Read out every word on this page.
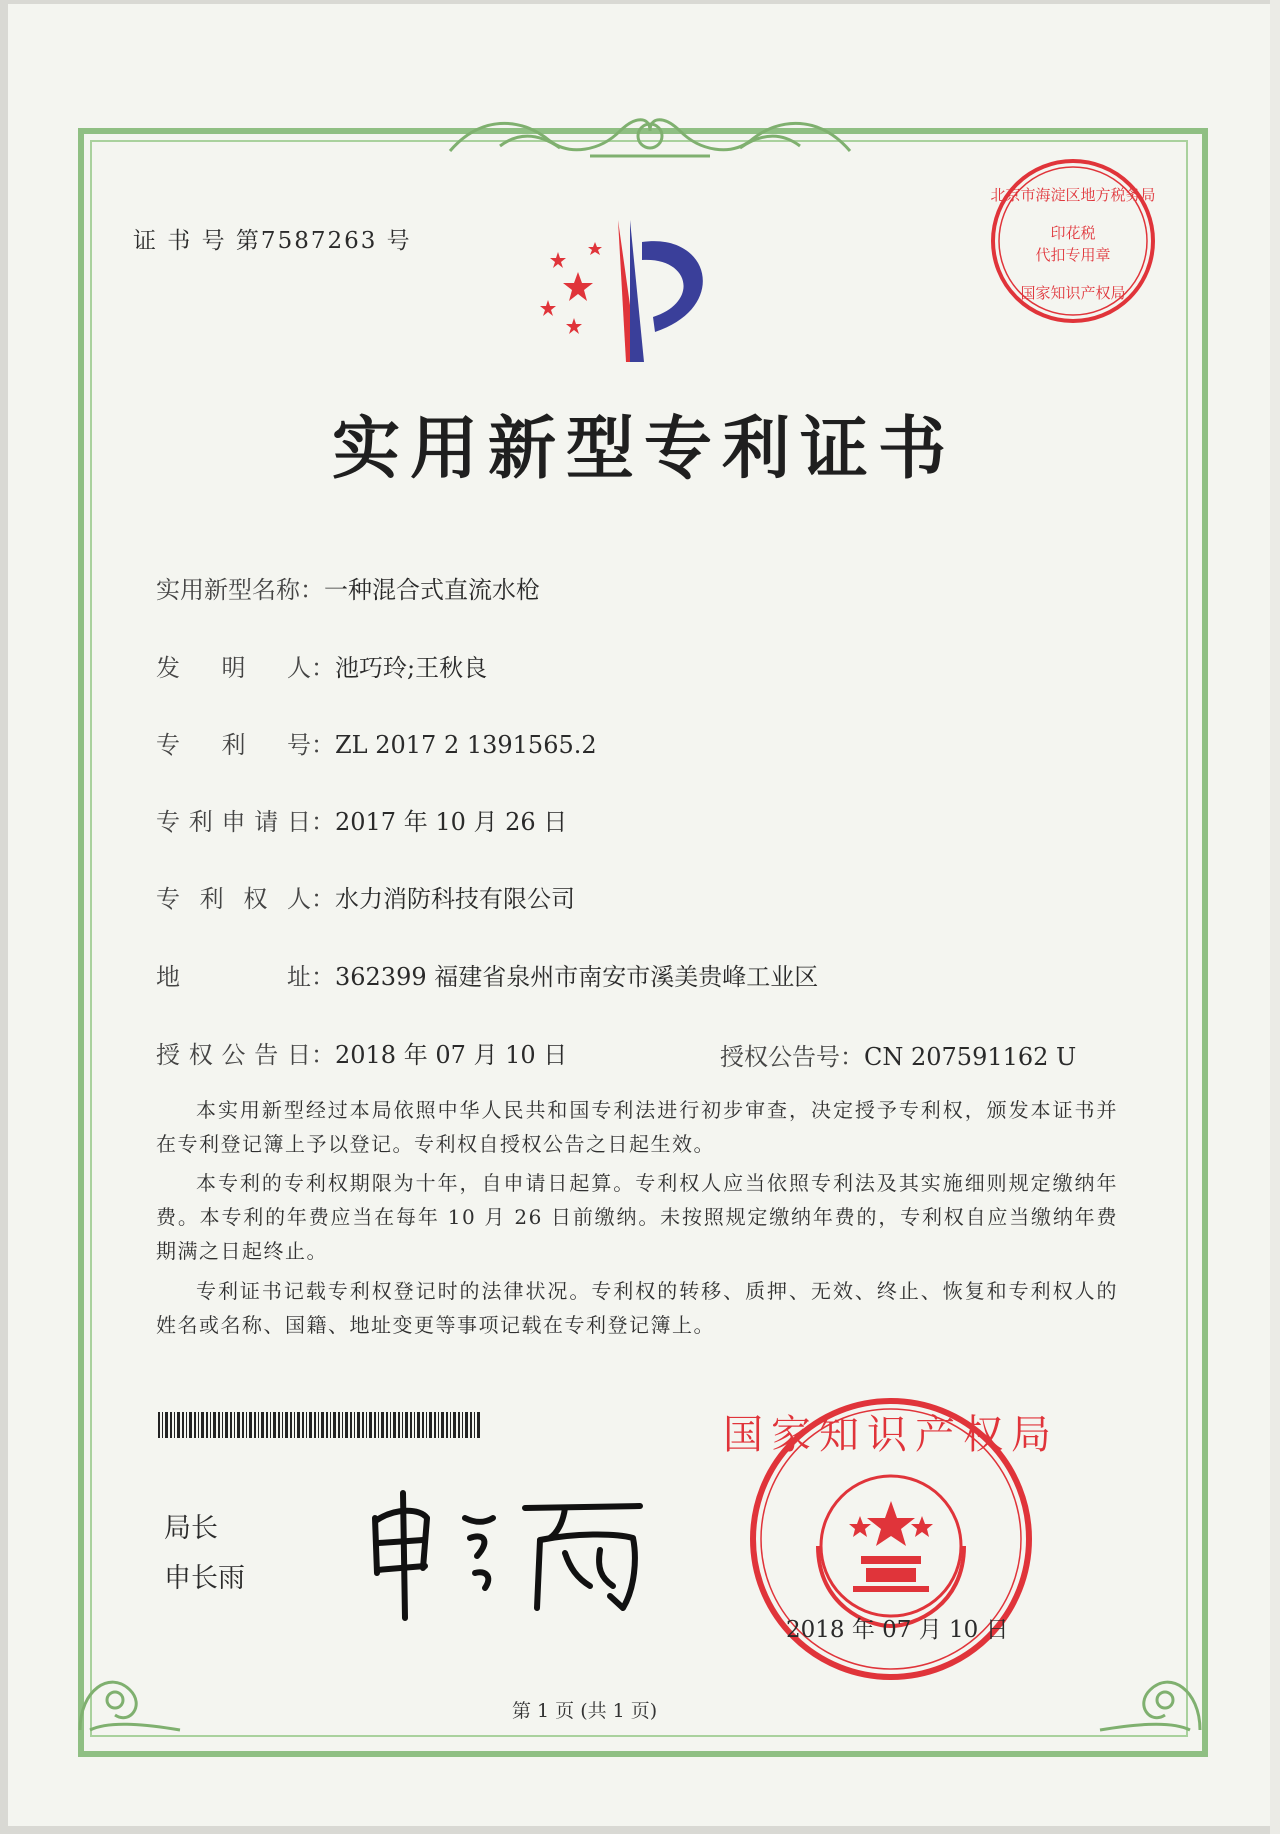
证 书 号 第7587263 号
北京市海淀区地方税务局
印花税
代扣专用章
国家知识产权局
实用新型专利证书
实用新型名称：一种混合式直流水枪
发明人：池巧玲;王秋良
专利号：ZL 2017 2 1391565.2
专利申请日：2017 年 10 月 26 日
专利权人：水力消防科技有限公司
地址：362399 福建省泉州市南安市溪美贵峰工业区
授权公告日：2018 年 07 月 10 日	授权公告号：CN 207591162 U
本实用新型经过本局依照中华人民共和国专利法进行初步审查，决定授予专利权，颁发本证书并在专利登记簿上予以登记。专利权自授权公告之日起生效。
本专利的专利权期限为十年，自申请日起算。专利权人应当依照专利法及其实施细则规定缴纳年费。本专利的年费应当在每年 10 月 26 日前缴纳。未按照规定缴纳年费的，专利权自应当缴纳年费期满之日起终止。
专利证书记载专利权登记时的法律状况。专利权的转移、质押、无效、终止、恢复和专利权人的姓名或名称、国籍、地址变更等事项记载在专利登记簿上。
局长
申长雨
国家知识产权局
2018 年 07 月 10 日
第 1 页 (共 1 页)
